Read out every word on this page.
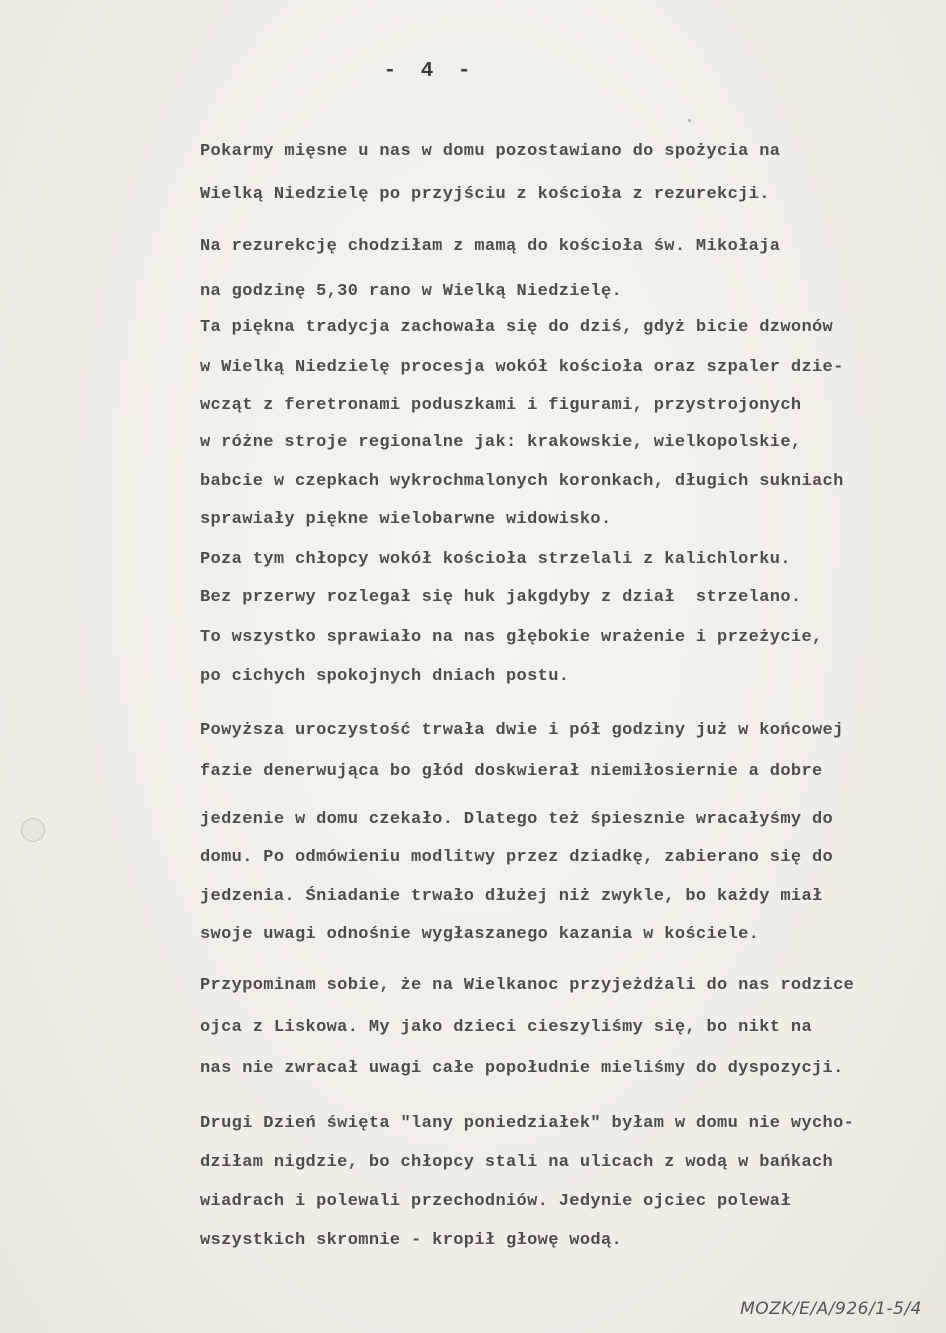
- 4 -
Pokarmy mięsne u nas w domu pozostawiano do spożycia na
Wielką Niedzielę po przyjściu z kościoła z rezurekcji.
Na rezurekcję chodziłam z mamą do kościoła św. Mikołaja
na godzinę 5,30 rano w Wielką Niedzielę.
Ta piękna tradycja zachowała się do dziś, gdyż bicie dzwonów
w Wielką Niedzielę procesja wokół kościoła oraz szpaler dzie-
wcząt z feretronami poduszkami i figurami, przystrojonych
w różne stroje regionalne jak: krakowskie, wielkopolskie,
babcie w czepkach wykrochmalonych koronkach, długich sukniach
sprawiały piękne wielobarwne widowisko.
Poza tym chłopcy wokół kościoła strzelali z kalichlorku.
Bez przerwy rozlegał się huk jakgdyby z dział  strzelano.
To wszystko sprawiało na nas głębokie wrażenie i przeżycie,
po cichych spokojnych dniach postu.
Powyższa uroczystość trwała dwie i pół godziny już w końcowej
fazie denerwująca bo głód doskwierał niemiłosiernie a dobre
jedzenie w domu czekało. Dlatego też śpiesznie wracałyśmy do
domu. Po odmówieniu modlitwy przez dziadkę, zabierano się do
jedzenia. Śniadanie trwało dłużej niż zwykle, bo każdy miał
swoje uwagi odnośnie wygłaszanego kazania w kościele.
Przypominam sobie, że na Wielkanoc przyjeżdżali do nas rodzice
ojca z Liskowa. My jako dzieci cieszyliśmy się, bo nikt na
nas nie zwracał uwagi całe popołudnie mieliśmy do dyspozycji.
Drugi Dzień święta "lany poniedziałek" byłam w domu nie wycho-
dziłam nigdzie, bo chłopcy stali na ulicach z wodą w bańkach
wiadrach i polewali przechodniów. Jedynie ojciec polewał
wszystkich skromnie - kropił głowę wodą.
MOZK/E/A/926/1-5/4
